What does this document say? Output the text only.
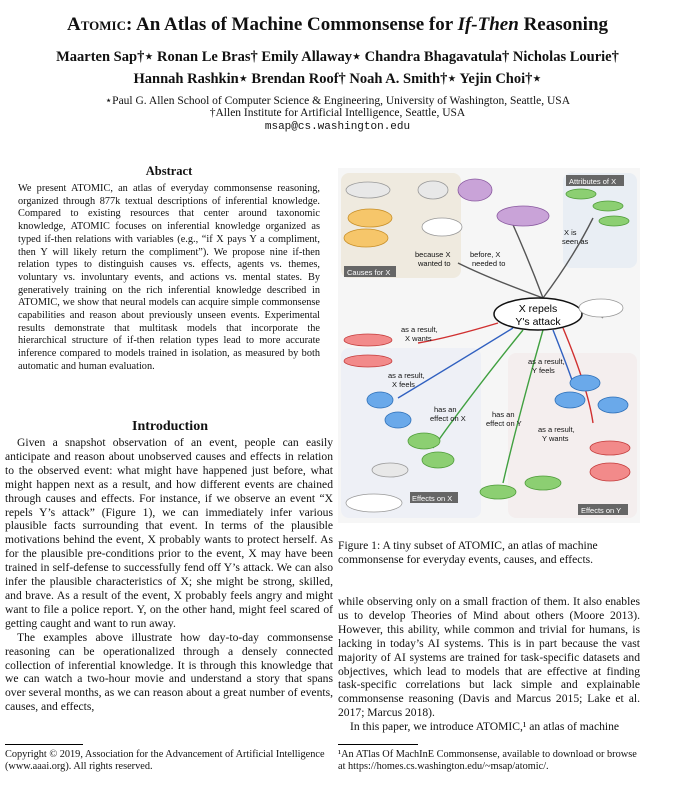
Atomic: An Atlas of Machine Commonsense for If-Then Reasoning
Maarten Sap†⋆ Ronan Le Bras† Emily Allaway⋆ Chandra Bhagavatula† Nicholas Lourie†
Hannah Rashkin⋆ Brendan Roof† Noah A. Smith†⋆ Yejin Choi†⋆
⋆Paul G. Allen School of Computer Science & Engineering, University of Washington, Seattle, USA
†Allen Institute for Artificial Intelligence, Seattle, USA
msap@cs.washington.edu
Abstract
We present ATOMIC, an atlas of everyday commonsense reasoning, organized through 877k textual descriptions of inferential knowledge. Compared to existing resources that center around taxonomic knowledge, ATOMIC focuses on inferential knowledge organized as typed if-then relations with variables (e.g., “if X pays Y a compliment, then Y will likely return the compliment”). We propose nine if-then relation types to distinguish causes vs. effects, agents vs. themes, voluntary vs. involuntary events, and actions vs. mental states. By generatively training on the rich inferential knowledge described in ATOMIC, we show that neural models can acquire simple commonsense capabilities and reason about previously unseen events. Experimental results demonstrate that multitask models that incorporate the hierarchical structure of if-then relation types lead to more accurate inference compared to models trained in isolation, as measured by both automatic and human evaluation.
Introduction

Given a snapshot observation of an event, people can easily anticipate and reason about unobserved causes and effects in relation to the observed event: what might have happened just before, what might happen next as a result, and how different events are chained through causes and effects. For instance, if we observe an event “X repels Y’s attack” (Figure 1), we can immediately infer various plausible facts surrounding that event. In terms of the plausible motivations behind the event, X probably wants to protect herself. As for the plausible pre-conditions prior to the event, X may have been trained in self-defense to successfully fend off Y’s attack. We can also infer the plausible characteristics of X; she might be strong, skilled, and brave. As a result of the event, X probably feels angry and might want to file a police report. Y, on the other hand, might feel scared of getting caught and want to run away.

The examples above illustrate how day-to-day commonsense reasoning can be operationalized through a densely connected collection of inferential knowledge. It is through this knowledge that we can watch a two-hour movie and understand a story that spans over several months, as we can reason about a great number of events, causes, and effects,

Copyright © 2019, Association for the Advancement of Artificial Intelligence (www.aaai.org). All rights reserved.
Causes for X
Attributes of X
Effects on X
Effects on Y
X repels
Y's attack
because X
wanted to
before, X
needed to
X is
seen as
as a result,
X wants
as a result,
X feels
has an
effect on X	has an
effect on Y
as a result,
Y feels
as a result,
Y wants
Figure 1: A tiny subset of ATOMIC, an atlas of machine commonsense for everyday events, causes, and effects.

while observing only on a small fraction of them. It also enables us to develop Theories of Mind about others (Moore 2013). However, this ability, while common and trivial for humans, is lacking in today’s AI systems. This is in part because the vast majority of AI systems are trained for task-specific datasets and objectives, which lead to models that are effective at finding task-specific correlations but lack simple and explainable commonsense reasoning (Davis and Marcus 2015; Lake et al. 2017; Marcus 2018).

In this paper, we introduce ATOMIC,¹ an atlas of machine

¹An ATlas Of MachInE Commonsense, available to download or browse at https://homes.cs.washington.edu/~msap/atomic/.
